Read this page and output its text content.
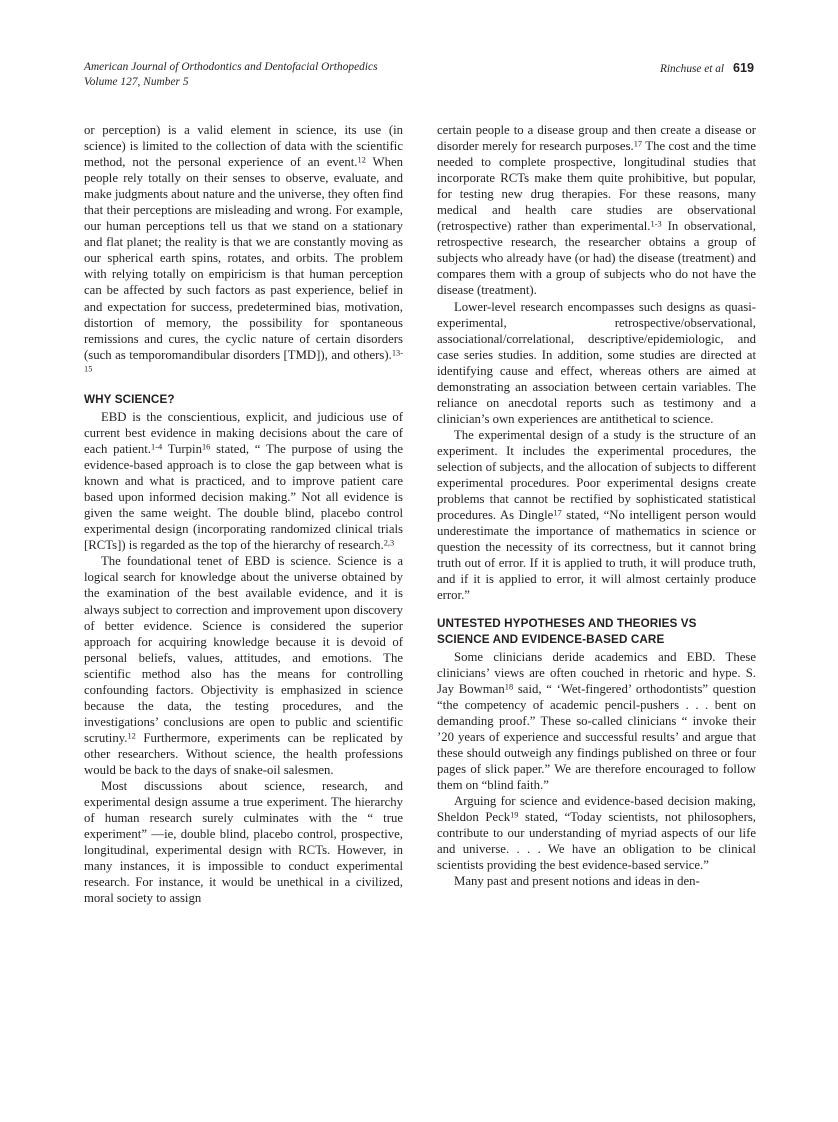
American Journal of Orthodontics and Dentofacial Orthopedics
Volume 127, Number 5
Rinchuse et al 619

or perception) is a valid element in science, its use (in science) is limited to the collection of data with the scientific method, not the personal experience of an event.$^{12}$ When people rely totally on their senses to observe, evaluate, and make judgments about nature and the universe, they often find that their perceptions are misleading and wrong. For example, our human perceptions tell us that we stand on a stationary and flat planet; the reality is that we are constantly moving as our spherical earth spins, rotates, and orbits. The problem with relying totally on empiricism is that human perception can be affected by such factors as past experience, belief in and expectation for success, predetermined bias, motivation, distortion of memory, the possibility for spontaneous remissions and cures, the cyclic nature of certain disorders (such as temporomandibular disorders [TMD]), and others).$^{13-15}$

WHY SCIENCE?

EBD is the conscientious, explicit, and judicious use of current best evidence in making decisions about the care of each patient.$^{1-4}$ Turpin$^{16}$ stated, “ The purpose of using the evidence-based approach is to close the gap between what is known and what is practiced, and to improve patient care based upon informed decision making.” Not all evidence is given the same weight. The double blind, placebo control experimental design (incorporating randomized clinical trials [RCTs]) is regarded as the top of the hierarchy of research.$^{2,3}$

The foundational tenet of EBD is science. Science is a logical search for knowledge about the universe obtained by the examination of the best available evidence, and it is always subject to correction and improvement upon discovery of better evidence. Science is considered the superior approach for acquiring knowledge because it is devoid of personal beliefs, values, attitudes, and emotions. The scientific method also has the means for controlling confounding factors. Objectivity is emphasized in science because the data, the testing procedures, and the investigations’ conclusions are open to public and scientific scrutiny.$^{12}$ Furthermore, experiments can be replicated by other researchers. Without science, the health professions would be back to the days of snake-oil salesmen.

Most discussions about science, research, and experimental design assume a true experiment. The hierarchy of human research surely culminates with the “ true experiment” —ie, double blind, placebo control, prospective, longitudinal, experimental design with RCTs. However, in many instances, it is impossible to conduct experimental research. For instance, it would be unethical in a civilized, moral society to assign

certain people to a disease group and then create a disease or disorder merely for research purposes.$^{17}$ The cost and the time needed to complete prospective, longitudinal studies that incorporate RCTs make them quite prohibitive, but popular, for testing new drug therapies. For these reasons, many medical and health care studies are observational (retrospective) rather than experimental.$^{1-3}$ In observational, retrospective research, the researcher obtains a group of subjects who already have (or had) the disease (treatment) and compares them with a group of subjects who do not have the disease (treatment).

Lower-level research encompasses such designs as quasi-experimental, retrospective/observational, associational/correlational, descriptive/epidemiologic, and case series studies. In addition, some studies are directed at identifying cause and effect, whereas others are aimed at demonstrating an association between certain variables. The reliance on anecdotal reports such as testimony and a clinician’s own experiences are antithetical to science.

The experimental design of a study is the structure of an experiment. It includes the experimental procedures, the selection of subjects, and the allocation of subjects to different experimental procedures. Poor experimental designs create problems that cannot be rectified by sophisticated statistical procedures. As Dingle$^{17}$ stated, “No intelligent person would underestimate the importance of mathematics in science or question the necessity of its correctness, but it cannot bring truth out of error. If it is applied to truth, it will produce truth, and if it is applied to error, it will almost certainly produce error.”

UNTESTED HYPOTHESES AND THEORIES VS
SCIENCE AND EVIDENCE-BASED CARE

Some clinicians deride academics and EBD. These clinicians’ views are often couched in rhetoric and hype. S. Jay Bowman$^{18}$ said, “ ‘Wet-fingered’ orthodontists” question “the competency of academic pencil-pushers . . . bent on demanding proof.” These so-called clinicians “ invoke their ’20 years of experience and successful results’ and argue that these should outweigh any findings published on three or four pages of slick paper.” We are therefore encouraged to follow them on “blind faith.”

Arguing for science and evidence-based decision making, Sheldon Peck$^{19}$ stated, “Today scientists, not philosophers, contribute to our understanding of myriad aspects of our life and universe. . . . We have an obligation to be clinical scientists providing the best evidence-based service.”

Many past and present notions and ideas in den-
